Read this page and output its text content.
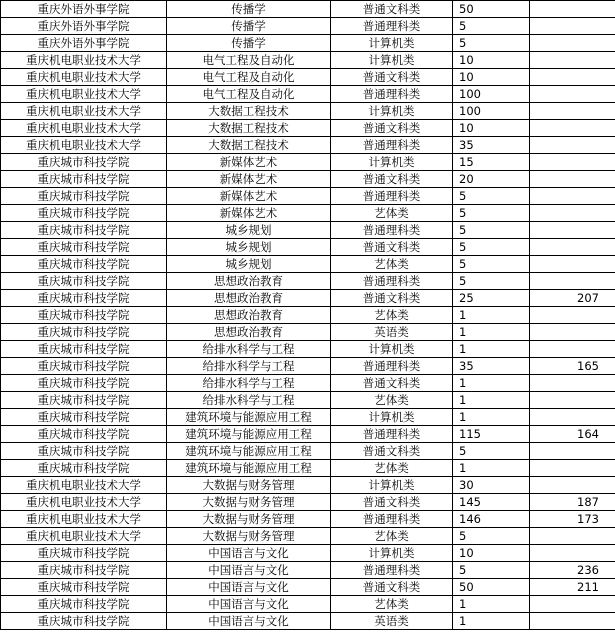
重庆外语外事学院	传播学	普通文科类	50	
重庆外语外事学院	传播学	普通理科类	5	
重庆外语外事学院	传播学	计算机类	5	
重庆机电职业技术大学	电气工程及自动化	计算机类	10	
重庆机电职业技术大学	电气工程及自动化	普通文科类	10	
重庆机电职业技术大学	电气工程及自动化	普通理科类	100	
重庆机电职业技术大学	大数据工程技术	计算机类	100	
重庆机电职业技术大学	大数据工程技术	普通文科类	10	
重庆机电职业技术大学	大数据工程技术	普通理科类	35	
重庆城市科技学院	新媒体艺术	计算机类	15	
重庆城市科技学院	新媒体艺术	普通文科类	20	
重庆城市科技学院	新媒体艺术	普通理科类	5	
重庆城市科技学院	新媒体艺术	艺体类	5	
重庆城市科技学院	城乡规划	普通理科类	5	
重庆城市科技学院	城乡规划	普通文科类	5	
重庆城市科技学院	城乡规划	艺体类	5	
重庆城市科技学院	思想政治教育	普通理科类	5	
重庆城市科技学院	思想政治教育	普通文科类	25	207
重庆城市科技学院	思想政治教育	艺体类	1	
重庆城市科技学院	思想政治教育	英语类	1	
重庆城市科技学院	给排水科学与工程	计算机类	1	
重庆城市科技学院	给排水科学与工程	普通理科类	35	165
重庆城市科技学院	给排水科学与工程	普通文科类	1	
重庆城市科技学院	给排水科学与工程	艺体类	1	
重庆城市科技学院	建筑环境与能源应用工程	计算机类	1	
重庆城市科技学院	建筑环境与能源应用工程	普通理科类	115	164
重庆城市科技学院	建筑环境与能源应用工程	普通文科类	5	
重庆城市科技学院	建筑环境与能源应用工程	艺体类	1	
重庆机电职业技术大学	大数据与财务管理	计算机类	30	
重庆机电职业技术大学	大数据与财务管理	普通文科类	145	187
重庆机电职业技术大学	大数据与财务管理	普通理科类	146	173
重庆机电职业技术大学	大数据与财务管理	艺体类	5	
重庆城市科技学院	中国语言与文化	计算机类	10	
重庆城市科技学院	中国语言与文化	普通理科类	5	236
重庆城市科技学院	中国语言与文化	普通文科类	50	211
重庆城市科技学院	中国语言与文化	艺体类	1	
重庆城市科技学院	中国语言与文化	英语类	1	
